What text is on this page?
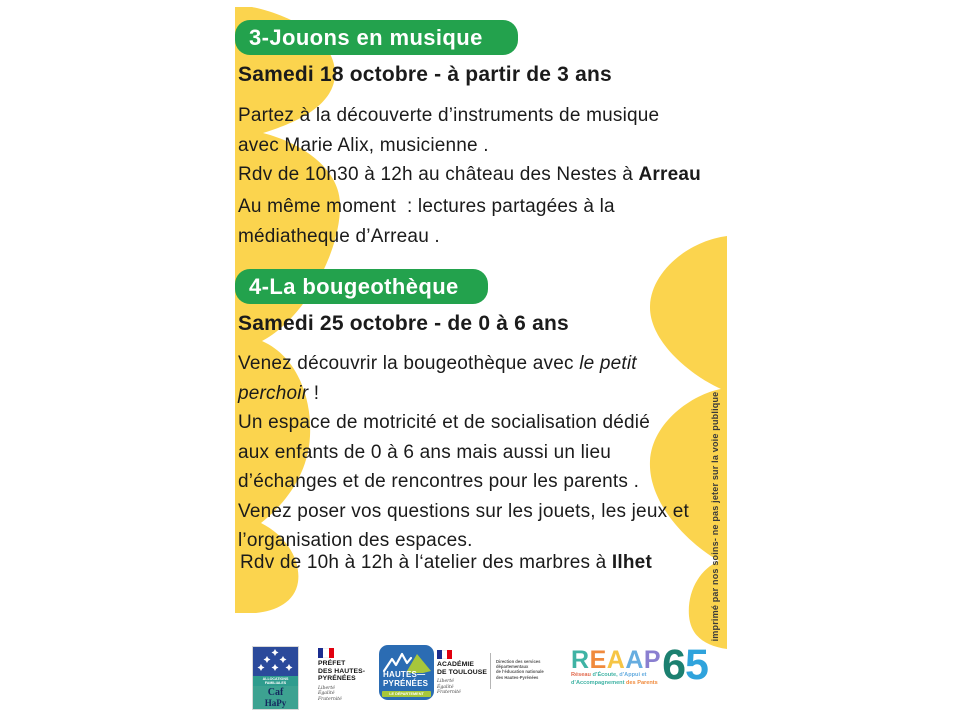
3-Jouons en musique
Samedi 18 octobre - à partir de 3 ans
Partez à la découverte d’instruments de musique
avec Marie Alix, musicienne .
Rdv de 10h30 à 12h au château des Nestes à Arreau
Au même moment  : lectures partagées à la
médiatheque d’Arreau .
4-La bougeothèque
Samedi 25 octobre - de 0 à 6 ans
Venez découvrir la bougeothèque avec le petit
perchoir !
Un espace de motricité et de socialisation dédié
aux enfants de 0 à 6 ans mais aussi un lieu
d’échanges et de rencontres pour les parents .
Venez poser vos questions sur les jouets, les jeux et
l’organisation des espaces.
Rdv de 10h à 12h à l‘atelier des marbres à Ilhet	imprimé par nos soins- ne pas jeter sur la voie publique
ALLOCATIONS FAMILIALES
Caf
HaPy
PRÉFET
DES HAUTES-
PYRÉNÉES
Liberté
Égalité
Fraternité
HAUTES—
PYRÉNÉES
LE DÉPARTEMENT
ACADÉMIE
DE TOULOUSE
Liberté
Égalité
Fraternité
Direction des services départementaux
de l’éducation nationale
des Hautes-Pyrénées
R E A A P 6 5
Réseau d’Écoute, d’Appui et
d’Accompagnement des Parents
